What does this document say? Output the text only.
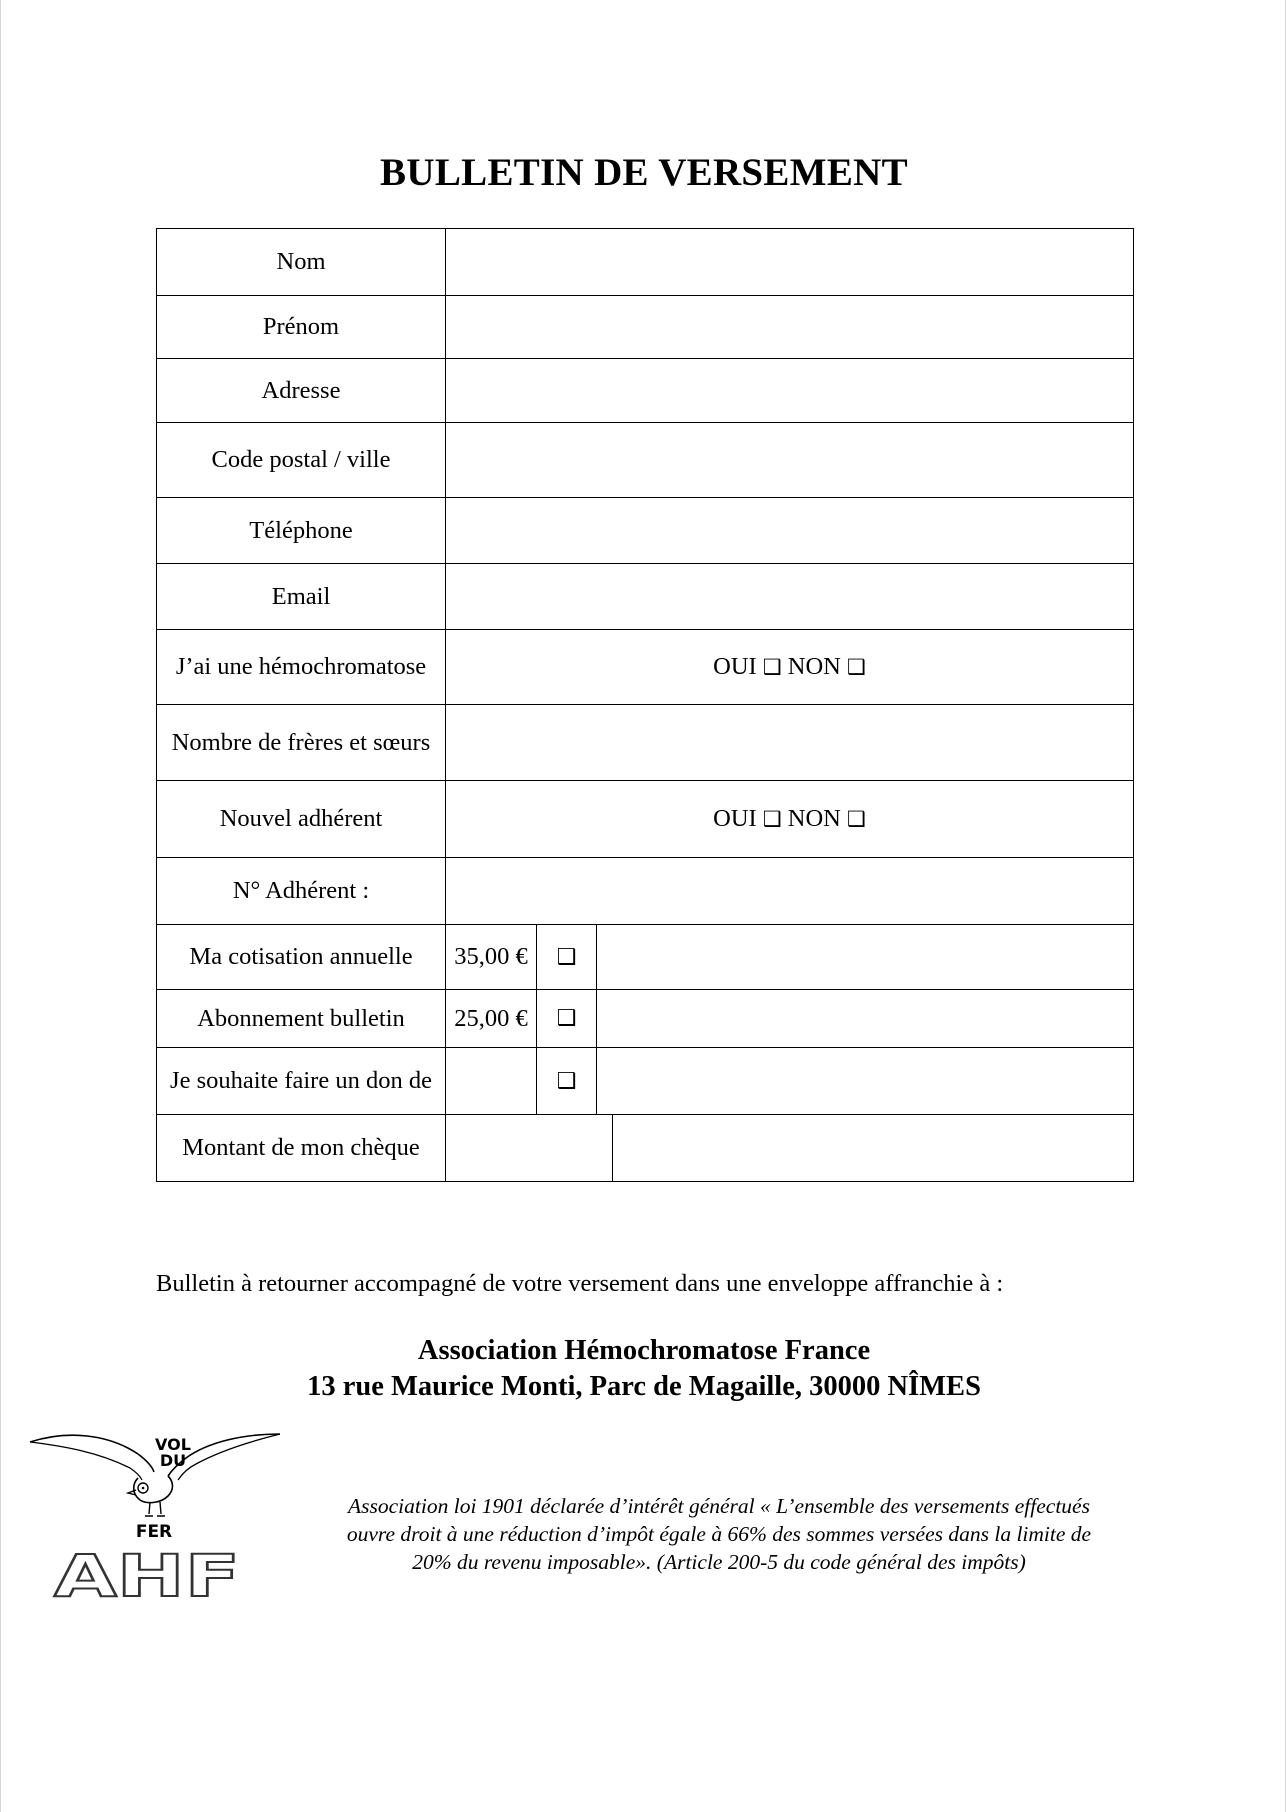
BULLETIN DE VERSEMENT
Nom				
Prénom				
Adresse				
Code postal / ville				
Téléphone				
Email				
J’ai une hémochromatose	OUI ❑ NON ❑			
Nombre de frères et sœurs				
Nouvel adhérent	OUI ❑ NON ❑			
N° Adhérent :				
Ma cotisation annuelle	35,00 €	❑		
Abonnement bulletin	25,00 €	❑		
Je souhaite faire un don de		❑		
Montant de mon chèque				
Bulletin à retourner accompagné de votre versement dans une enveloppe affranchie à :
Association Hémochromatose France
13 rue Maurice Monti, Parc de Magaille, 30000 NÎMES
VOL
DU
FER
AHF
Association loi 1901 déclarée d’intérêt général « L’ensemble des versements effectués
ouvre droit à une réduction d’impôt égale à 66% des sommes versées dans la limite de
20% du revenu imposable». (Article 200-5 du code général des impôts)
